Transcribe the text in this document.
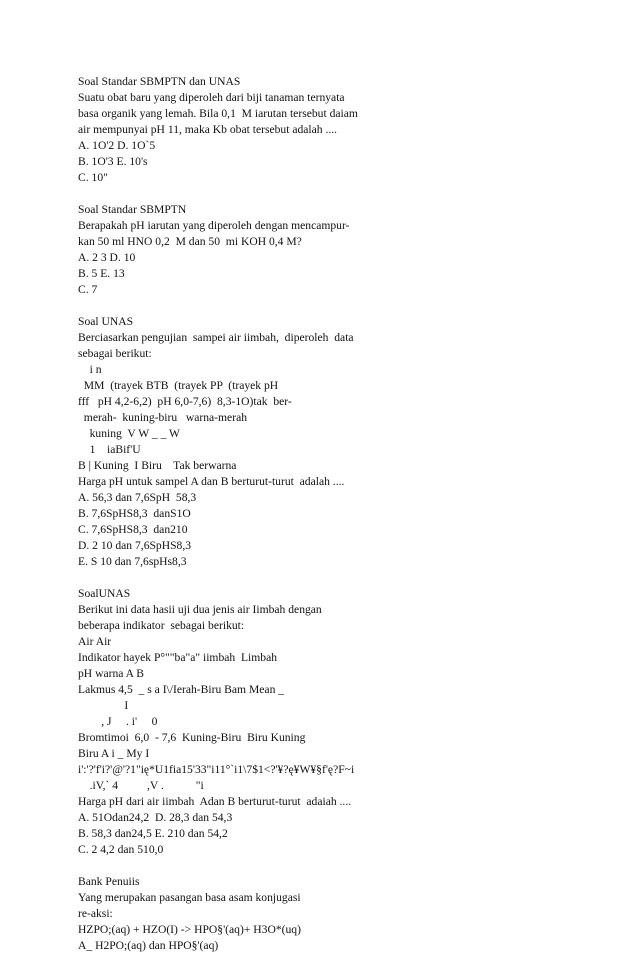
Soal Standar SBMPTN dan UNAS
Suatu obat baru yang diperoleh dari biji tanaman ternyata
basa organik yang lemah. Bila 0,1  M iarutan tersebut daiam
air mempunyai pH 11, maka Kb obat tersebut adalah ....
A. 1O'2 D. 1O`5
B. 1O'3 E. 10's
C. 10"
Soal Standar SBMPTN
Berapakah pH iarutan yang diperoleh dengan mencampur-
kan 50 ml HNO 0,2  M dan 50  mi KOH 0,4 M?
A. 2 3 D. 10
B. 5 E. 13
C. 7
Soal UNAS
Berciasarkan pengujian  sampei air iimbah,  diperoleh  data
sebagai berikut:
i n
MM  (trayek BTB  (trayek PP  (trayek pH
fff   pH 4,2-6,2)  pH 6,0-7,6)  8,3-1O)tak  ber-
merah-  kuning-biru   warna-merah
kuning  V W _ _ W
1    iaBif'U
B | Kuning  I Biru    Tak berwarna
Harga pH untuk sampel A dan B berturut-turut  adalah ....
A. 56,3 dan 7,6SpH  58,3
B. 7,6SpHS8,3  danS1O
C. 7,6SpHS8,3  dan210
D. 2 10 dan 7,6SpHS8,3
E. S 10 dan 7,6spHs8,3
SoalUNAS
Berikut ini data hasii uji dua jenis air Iimbah dengan
beberapa indikator  sebagai berikut:
Air Air
Indikator hayek P°""ba"a" iimbah  Limbah
pH warna A B
Lakmus 4,5  _ s a I\/Ierah-Biru Bam Mean _
I
, J     . i'     0
Bromtimoi  6,0  - 7,6  Kuning-Biru  Biru Kuning
Biru A i _ My I
i':'?'f'i?'@'?1"ię*U1fia15'33"i11°`i1\7$1<?'¥?ę¥W¥§f'ę?F~i
.iV,` 4          ,V .           "i
Harga pH dari air iimbah  Adan B berturut-turut  adaiah ....
A. 51Odan24,2  D. 28,3 dan 54,3
B. 58,3 dan24,5 E. 210 dan 54,2
C. 2 4,2 dan 510,0
Bank Penuiis
Yang merupakan pasangan basa asam konjugasi
re-aksi:
HZPO;(aq) + HZO(I) -> HPO§'(aq)+ H3O*(uq)
A_ H2PO;(aq) dan HPO§'(aq)
